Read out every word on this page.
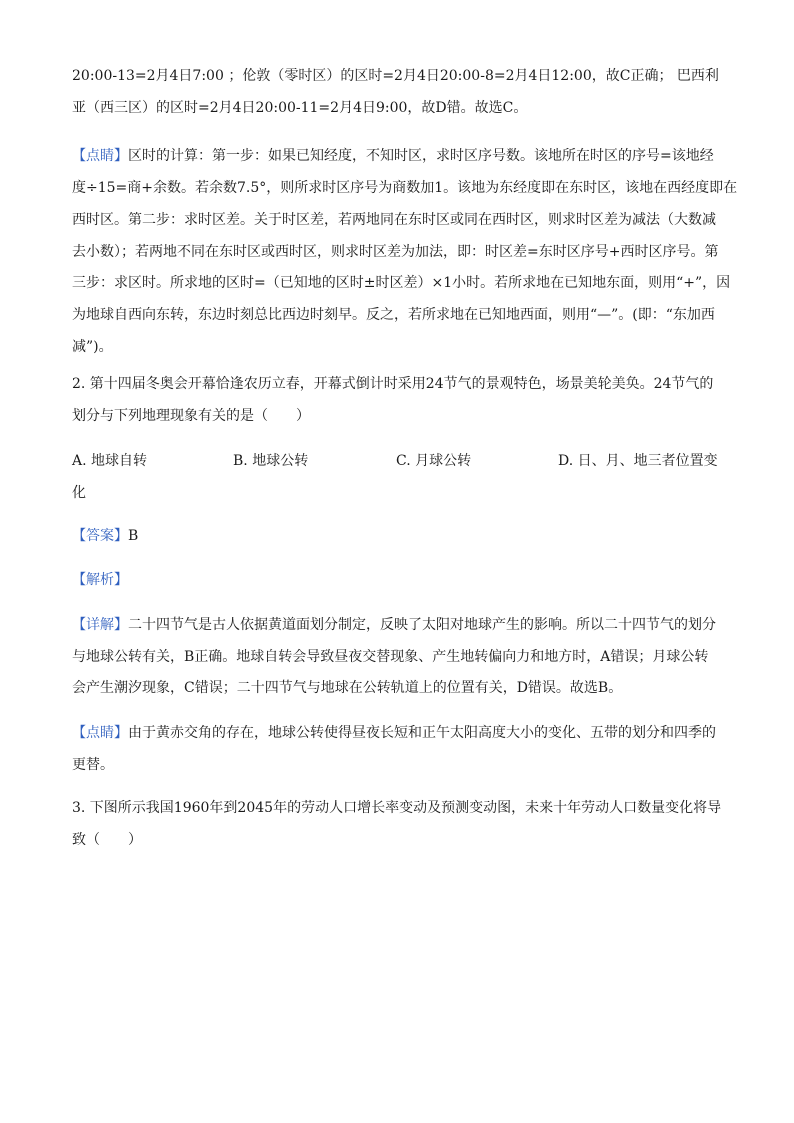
20:00-13=2月4日7:00 ；伦敦（零时区）的区时=2月4日20:00-8=2月4日12:00，故C正确； 巴西利
亚（西三区）的区时=2月4日20:00-11=2月4日9:00，故D错。故选C。
【点睛】区时的计算：第一步：如果已知经度，不知时区，求时区序号数。该地所在时区的序号=该地经
度÷15=商+余数。若余数7.5°，则所求时区序号为商数加1。该地为东经度即在东时区，该地在西经度即在
西时区。第二步：求时区差。关于时区差，若两地同在东时区或同在西时区，则求时区差为减法（大数减
去小数）；若两地不同在东时区或西时区，则求时区差为加法，即：时区差=东时区序号+西时区序号。第
三步：求区时。所求地的区时=（已知地的区时±时区差）×1小时。若所求地在已知地东面，则用“+”，因
为地球自西向东转，东边时刻总比西边时刻早。反之，若所求地在已知地西面，则用“—”。(即：“东加西
减”)。
2. 第十四届冬奥会开幕恰逢农历立春，开幕式倒计时采用24节气的景观特色，场景美轮美奂。24节气的
划分与下列地理现象有关的是（　　）
A. 地球自转	B. 地球公转	C. 月球公转	D. 日、月、地三者位置变
化
【答案】B
【解析】
【详解】二十四节气是古人依据黄道面划分制定，反映了太阳对地球产生的影响。所以二十四节气的划分
与地球公转有关，B正确。地球自转会导致昼夜交替现象、产生地转偏向力和地方时，A错误；月球公转
会产生潮汐现象，C错误；二十四节气与地球在公转轨道上的位置有关，D错误。故选B。
【点睛】由于黄赤交角的存在，地球公转使得昼夜长短和正午太阳高度大小的变化、五带的划分和四季的
更替。
3. 下图所示我国1960年到2045年的劳动人口增长率变动及预测变动图，未来十年劳动人口数量变化将导
致（　　）
